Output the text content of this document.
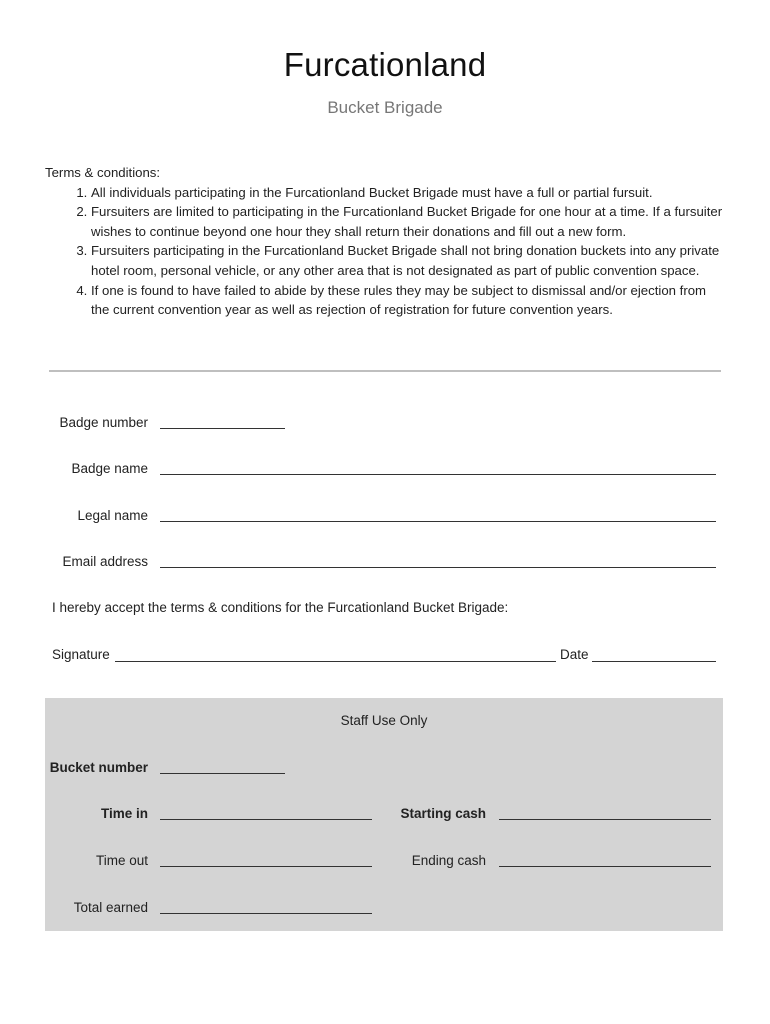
Furcationland
Bucket Brigade

Terms & conditions:

1. All individuals participating in the Furcationland Bucket Brigade must have a full or partial fursuit.
2. Fursuiters are limited to participating in the Furcationland Bucket Brigade for one hour at a time. If a fursuiter wishes to continue beyond one hour they shall return their donations and fill out a new form.
3. Fursuiters participating in the Furcationland Bucket Brigade shall not bring donation buckets into any private hotel room, personal vehicle, or any other area that is not designated as part of public convention space.
4. If one is found to have failed to abide by these rules they may be subject to dismissal and/or ejection from the current convention year as well as rejection of registration for future convention years.
Badge number
Badge name
Legal name
Email address
I hereby accept the terms & conditions for the Furcationland Bucket Brigade:
Signature	Date
Staff Use Only
Bucket number
Time in	Starting cash
Time out	Ending cash
Total earned
